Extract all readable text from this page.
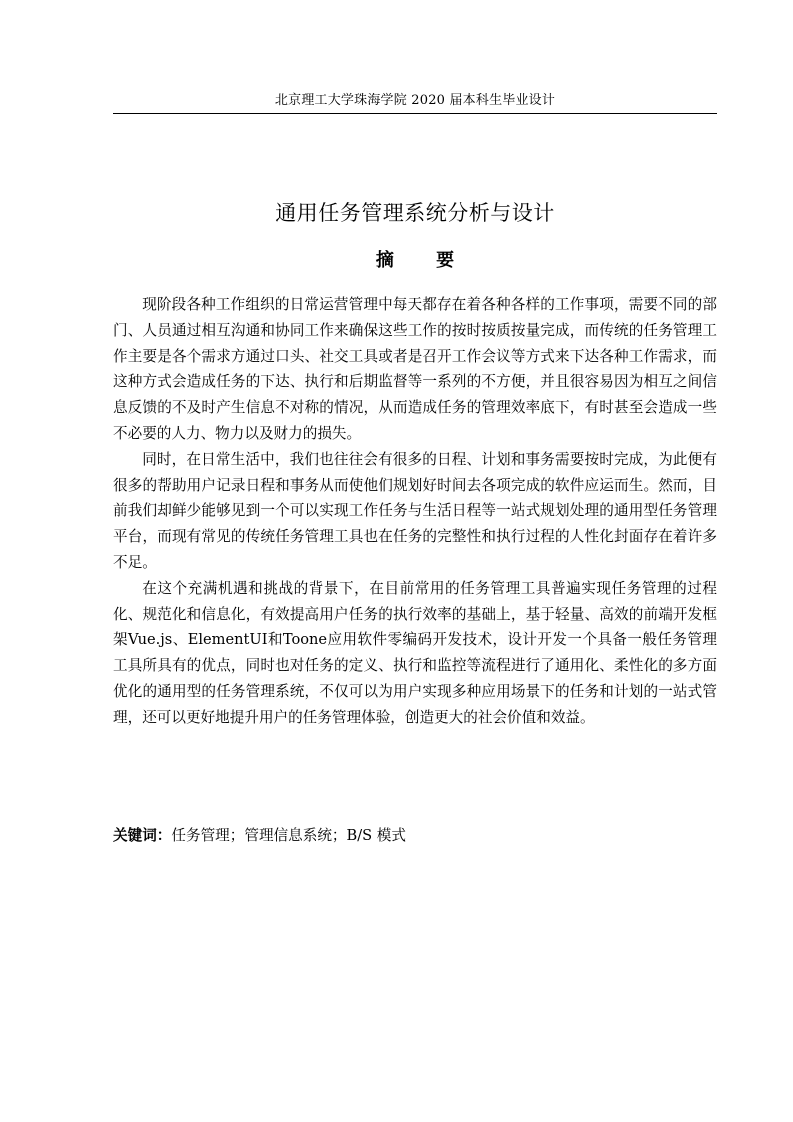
北京理工大学珠海学院 2020 届本科生毕业设计
通用任务管理系统分析与设计
摘 要

现阶段各种工作组织的日常运营管理中每天都存在着各种各样的工作事项，需要不同的部门、人员通过相互沟通和协同工作来确保这些工作的按时按质按量完成，而传统的任务管理工作主要是各个需求方通过口头、社交工具或者是召开工作会议等方式来下达各种工作需求，而这种方式会造成任务的下达、执行和后期监督等一系列的不方便，并且很容易因为相互之间信息反馈的不及时产生信息不对称的情况，从而造成任务的管理效率底下，有时甚至会造成一些不必要的人力、物力以及财力的损失。

同时，在日常生活中，我们也往往会有很多的日程、计划和事务需要按时完成，为此便有很多的帮助用户记录日程和事务从而使他们规划好时间去各项完成的软件应运而生。然而，目前我们却鲜少能够见到一个可以实现工作任务与生活日程等一站式规划处理的通用型任务管理平台，而现有常见的传统任务管理工具也在任务的完整性和执行过程的人性化封面存在着许多不足。

在这个充满机遇和挑战的背景下，在目前常用的任务管理工具普遍实现任务管理的过程化、规范化和信息化，有效提高用户任务的执行效率的基础上，基于轻量、高效的前端开发框架Vue.js、ElementUI和Toone应用软件零编码开发技术，设计开发一个具备一般任务管理工具所具有的优点，同时也对任务的定义、执行和监控等流程进行了通用化、柔性化的多方面优化的通用型的任务管理系统，不仅可以为用户实现多种应用场景下的任务和计划的一站式管理，还可以更好地提升用户的任务管理体验，创造更大的社会价值和效益。

关键词：任务管理；管理信息系统；B/S 模式
